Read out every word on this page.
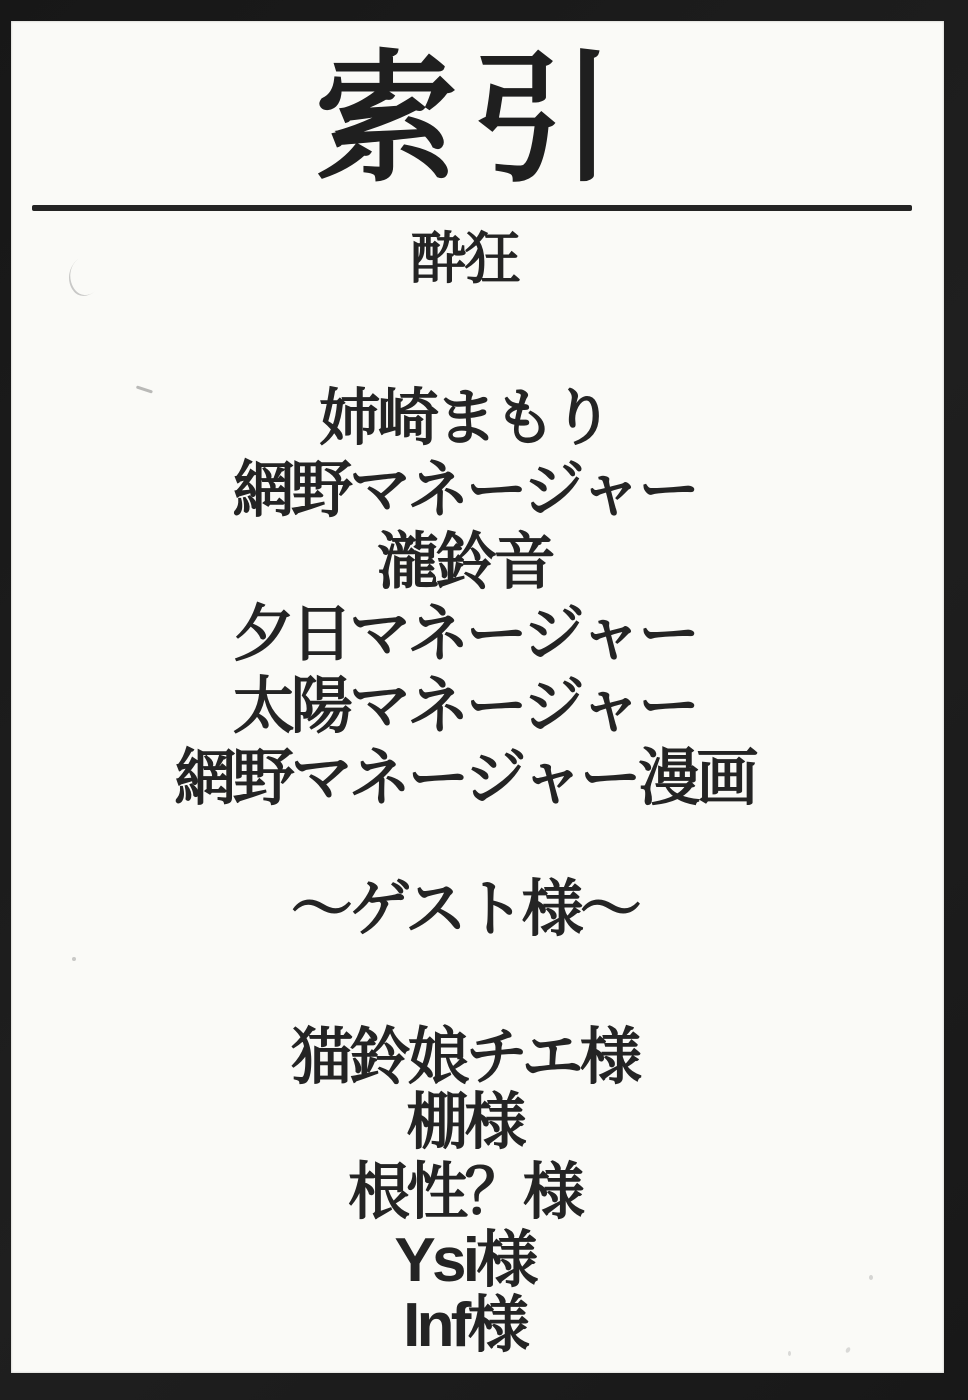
索引
酔狂
姉崎まもり
網野マネージャー
瀧鈴音
夕日マネージャー
太陽マネージャー
網野マネージャー漫画
～ゲスト様～
猫鈴娘チエ様
棚様
根性？様
Ysi様
Inf様
